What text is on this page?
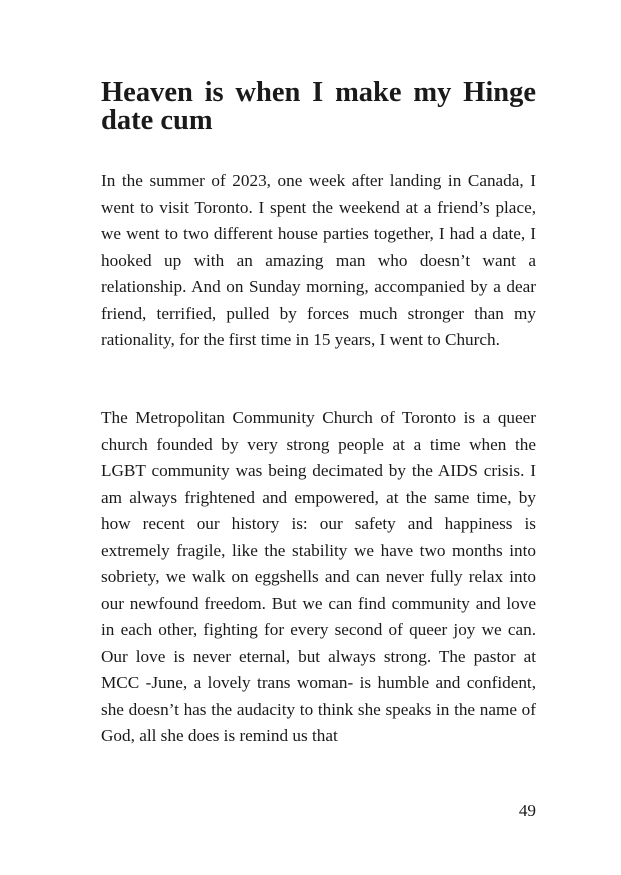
Heaven is when I make my Hinge date cum

In the summer of 2023, one week after landing in Canada, I went to visit Toronto. I spent the weekend at a friend’s place, we went to two different house parties together, I had a date, I hooked up with an amazing man who doesn’t want a relationship. And on Sunday morning, accompanied by a dear friend, terrified, pulled by forces much stronger than my rationality, for the first time in 15 years, I went to Church.

The Metropolitan Community Church of Toronto is a queer church founded by very strong people at a time when the LGBT community was being decimated by the AIDS crisis. I am always frightened and empowered, at the same time, by how recent our history is: our safety and happiness is extremely fragile, like the stability we have two months into sobriety, we walk on eggshells and can never fully relax into our newfound freedom. But we can find community and love in each other, fighting for every second of queer joy we can. Our love is never eternal, but always strong. The pastor at MCC -June, a lovely trans woman- is humble and confident, she doesn’t has the audacity to think she speaks in the name of God, all she does is remind us that

49
